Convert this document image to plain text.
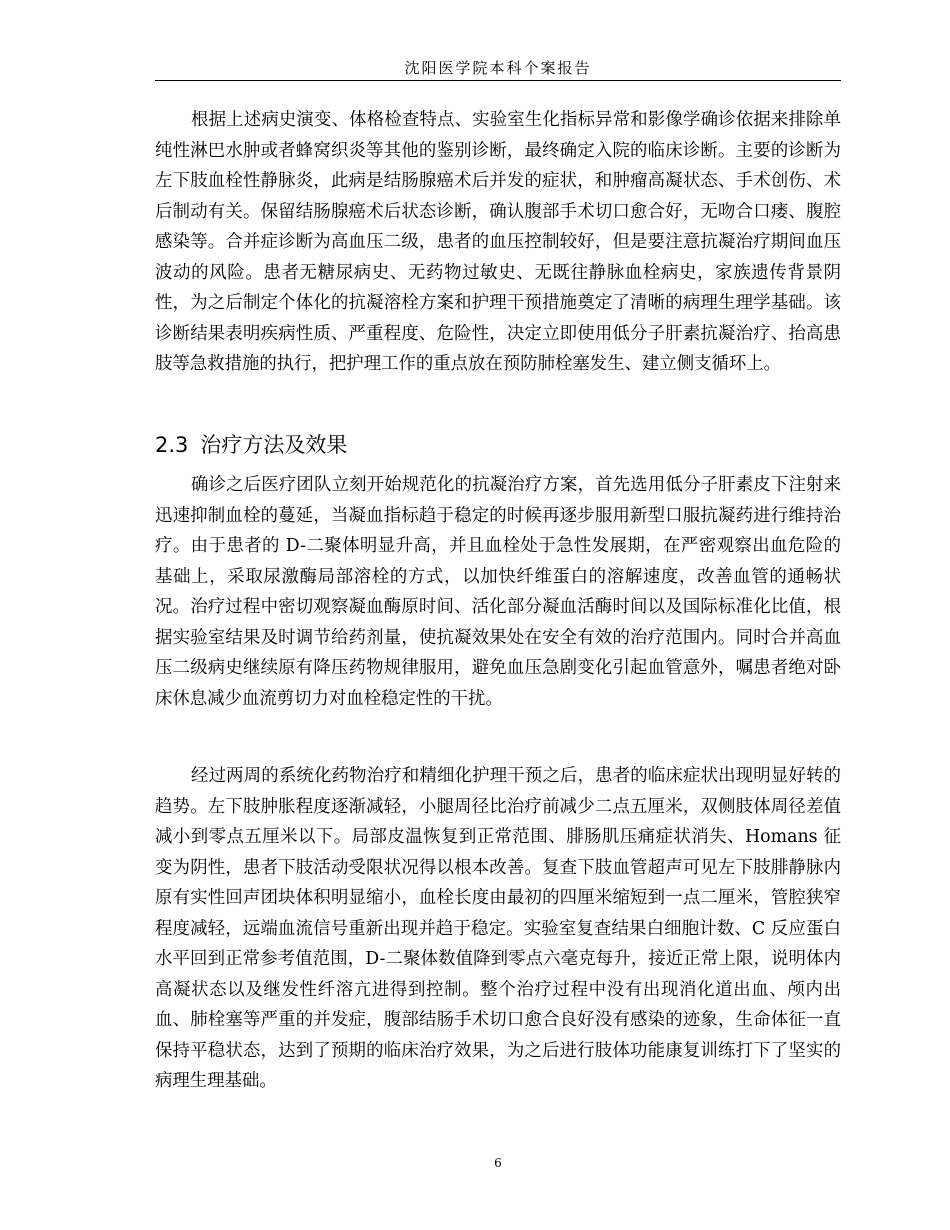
沈阳医学院本科个案报告

根据上述病史演变、体格检查特点、实验室生化指标异常和影像学确诊依据来排除单纯性淋巴水肿或者蜂窝织炎等其他的鉴别诊断，最终确定入院的临床诊断。主要的诊断为左下肢血栓性静脉炎，此病是结肠腺癌术后并发的症状，和肿瘤高凝状态、手术创伤、术后制动有关。保留结肠腺癌术后状态诊断，确认腹部手术切口愈合好，无吻合口瘘、腹腔感染等。合并症诊断为高血压二级，患者的血压控制较好，但是要注意抗凝治疗期间血压波动的风险。患者无糖尿病史、无药物过敏史、无既往静脉血栓病史，家族遗传背景阴性，为之后制定个体化的抗凝溶栓方案和护理干预措施奠定了清晰的病理生理学基础。该诊断结果表明疾病性质、严重程度、危险性，决定立即使用低分子肝素抗凝治疗、抬高患肢等急救措施的执行，把护理工作的重点放在预防肺栓塞发生、建立侧支循环上。

2.3 治疗方法及效果

确诊之后医疗团队立刻开始规范化的抗凝治疗方案，首先选用低分子肝素皮下注射来迅速抑制血栓的蔓延，当凝血指标趋于稳定的时候再逐步服用新型口服抗凝药进行维持治疗。由于患者的 D-二聚体明显升高，并且血栓处于急性发展期，在严密观察出血危险的基础上，采取尿激酶局部溶栓的方式，以加快纤维蛋白的溶解速度，改善血管的通畅状况。治疗过程中密切观察凝血酶原时间、活化部分凝血活酶时间以及国际标准化比值，根据实验室结果及时调节给药剂量，使抗凝效果处在安全有效的治疗范围内。同时合并高血压二级病史继续原有降压药物规律服用，避免血压急剧变化引起血管意外，嘱患者绝对卧床休息减少血流剪切力对血栓稳定性的干扰。

经过两周的系统化药物治疗和精细化护理干预之后，患者的临床症状出现明显好转的趋势。左下肢肿胀程度逐渐减轻，小腿周径比治疗前减少二点五厘米，双侧肢体周径差值减小到零点五厘米以下。局部皮温恢复到正常范围、腓肠肌压痛症状消失、Homans 征变为阴性，患者下肢活动受限状况得以根本改善。复查下肢血管超声可见左下肢腓静脉内原有实性回声团块体积明显缩小，血栓长度由最初的四厘米缩短到一点二厘米，管腔狭窄程度减轻，远端血流信号重新出现并趋于稳定。实验室复查结果白细胞计数、C 反应蛋白水平回到正常参考值范围，D-二聚体数值降到零点六毫克每升，接近正常上限，说明体内高凝状态以及继发性纤溶亢进得到控制。整个治疗过程中没有出现消化道出血、颅内出血、肺栓塞等严重的并发症，腹部结肠手术切口愈合良好没有感染的迹象，生命体征一直保持平稳状态，达到了预期的临床治疗效果，为之后进行肢体功能康复训练打下了坚实的病理生理基础。

6
